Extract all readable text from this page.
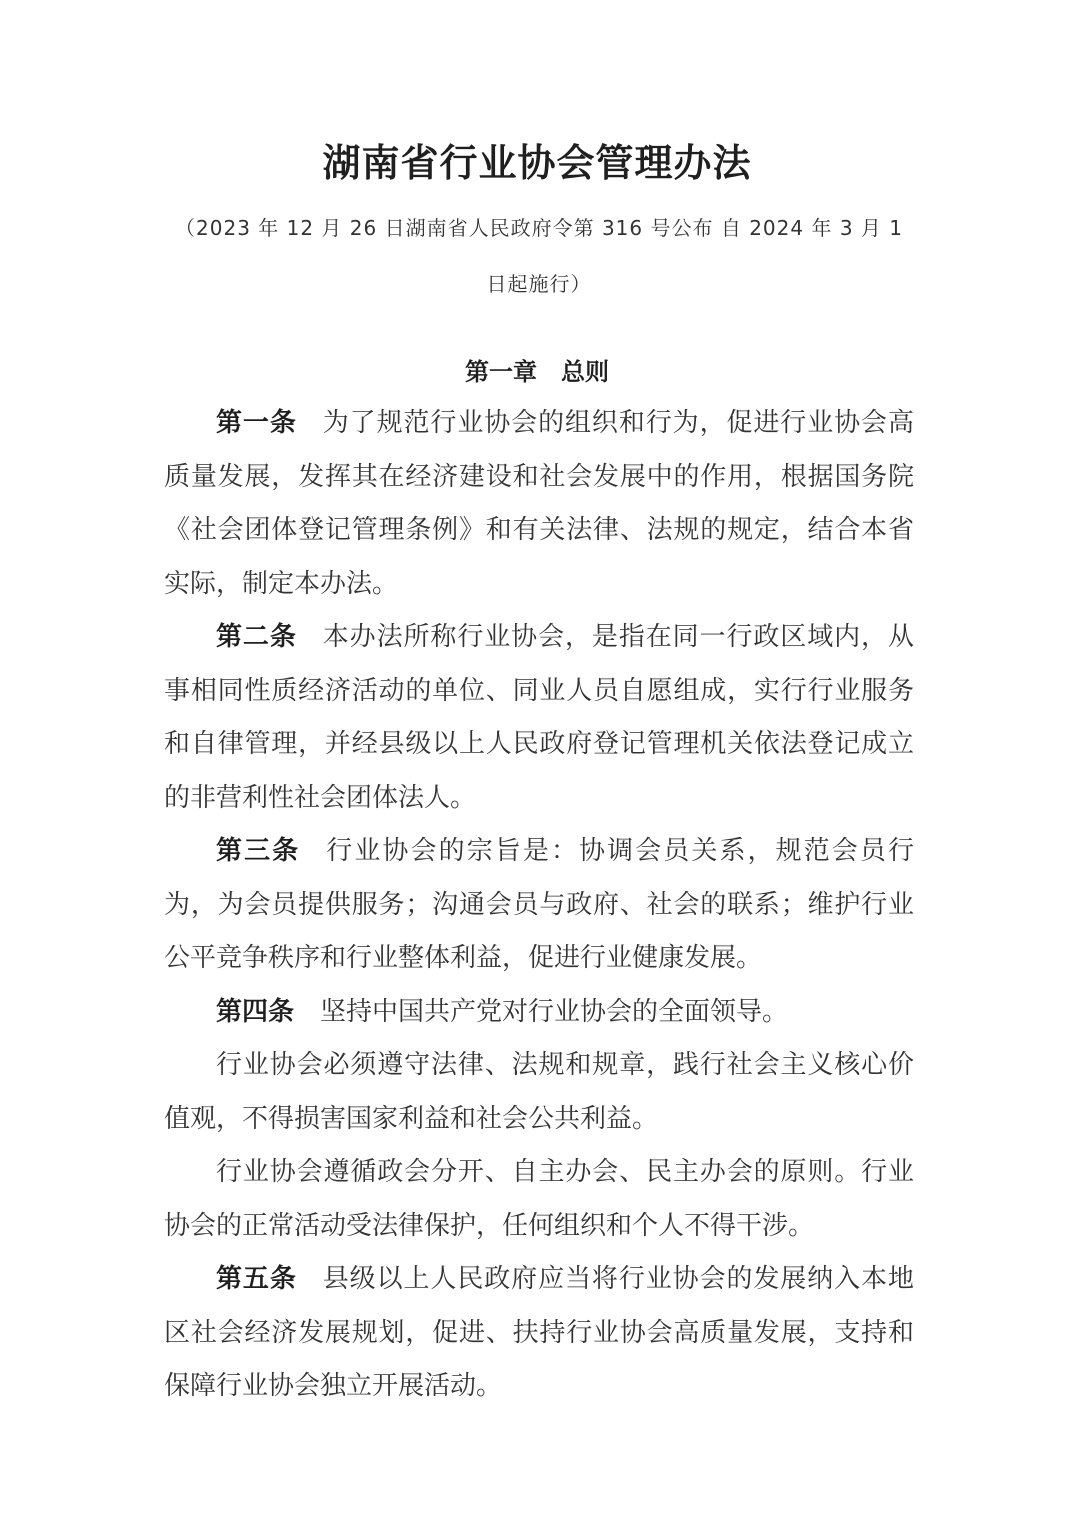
湖南省行业协会管理办法
（2023 年 12 月 26 日湖南省人民政府令第 316 号公布 自 2024 年 3 月 1 日起施行）
第一章　总则

第一条 为了规范行业协会的组织和行为，促进行业协会高质量发展，发挥其在经济建设和社会发展中的作用，根据国务院《社会团体登记管理条例》和有关法律、法规的规定，结合本省实际，制定本办法。

第二条 本办法所称行业协会，是指在同一行政区域内，从事相同性质经济活动的单位、同业人员自愿组成，实行行业服务和自律管理，并经县级以上人民政府登记管理机关依法登记成立的非营利性社会团体法人。

第三条 行业协会的宗旨是：协调会员关系，规范会员行为，为会员提供服务；沟通会员与政府、社会的联系；维护行业公平竞争秩序和行业整体利益，促进行业健康发展。

第四条 坚持中国共产党对行业协会的全面领导。

行业协会必须遵守法律、法规和规章，践行社会主义核心价值观，不得损害国家利益和社会公共利益。

行业协会遵循政会分开、自主办会、民主办会的原则。行业协会的正常活动受法律保护，任何组织和个人不得干涉。

第五条 县级以上人民政府应当将行业协会的发展纳入本地区社会经济发展规划，促进、扶持行业协会高质量发展，支持和保障行业协会独立开展活动。
